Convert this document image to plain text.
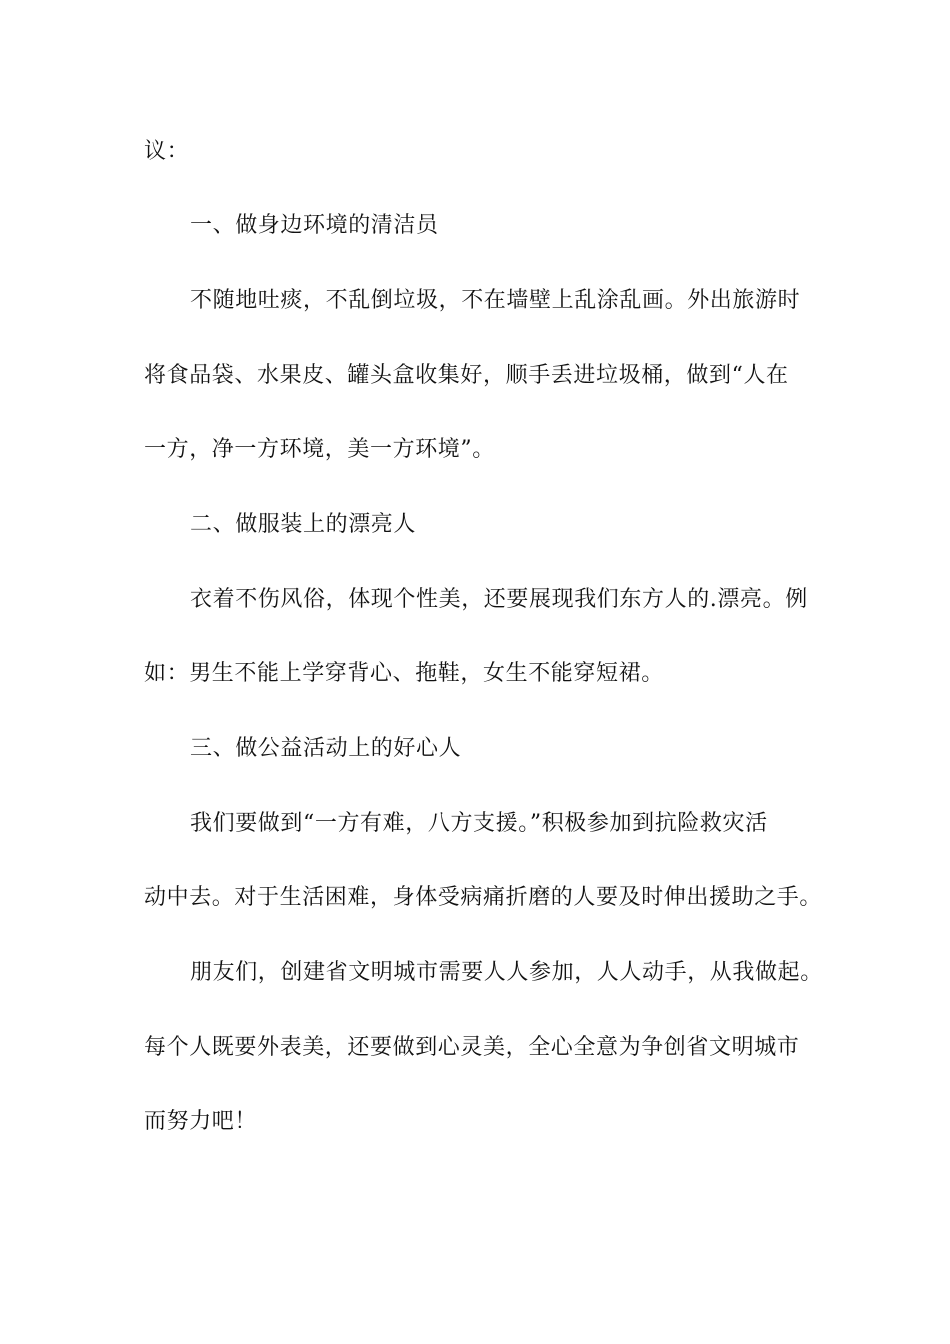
议：
一、做身边环境的清洁员
不随地吐痰，不乱倒垃圾，不在墙壁上乱涂乱画。外出旅游时
将食品袋、水果皮、罐头盒收集好，顺手丢进垃圾桶，做到“人在
一方，净一方环境，美一方环境”。
二、做服装上的漂亮人
衣着不伤风俗，体现个性美，还要展现我们东方人的.漂亮。例
如：男生不能上学穿背心、拖鞋，女生不能穿短裙。
三、做公益活动上的好心人
我们要做到“一方有难，八方支援。”积极参加到抗险救灾活
动中去。对于生活困难，身体受病痛折磨的人要及时伸出援助之手。
朋友们，创建省文明城市需要人人参加，人人动手，从我做起。
每个人既要外表美，还要做到心灵美，全心全意为争创省文明城市
而努力吧！
